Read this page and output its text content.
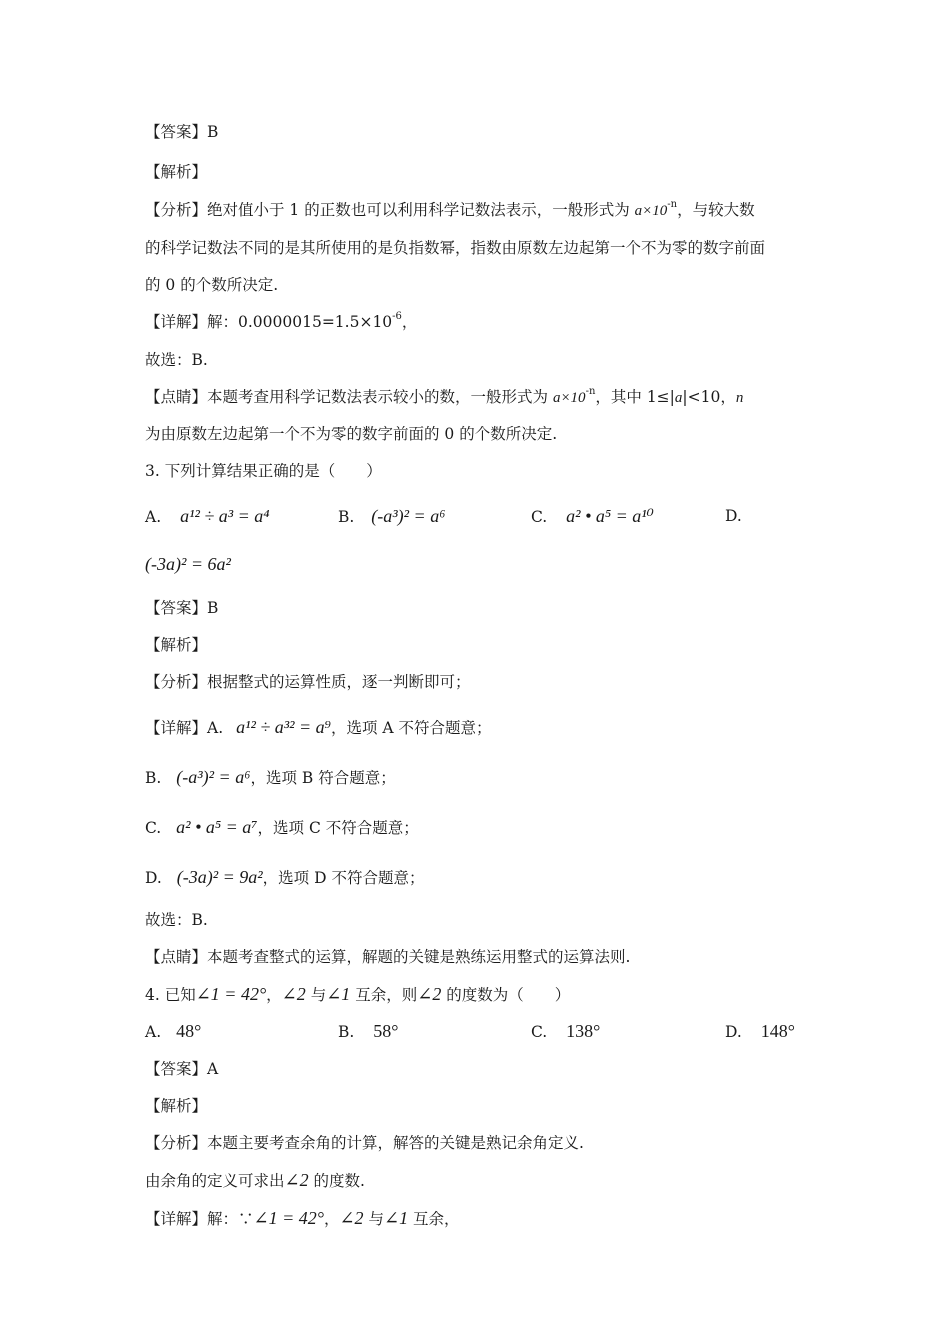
【答案】B
【解析】
【分析】绝对值小于 1 的正数也可以利用科学记数法表示，一般形式为 $a\times 10^{-n}$，与较大数
的科学记数法不同的是其所使用的是负指数幂，指数由原数左边起第一个不为零的数字前面
的 0 的个数所决定.
【详解】解：$0.0000015=1.5\times 10^{-6}$，
故选：B.
【点睛】本题考查用科学记数法表示较小的数，一般形式为 $a\times 10^{-n}$，其中 1≤|a|<10，n
为由原数左边起第一个不为零的数字前面的 0 的个数所决定.
3. 下列计算结果正确的是（　　）
A. a¹² ÷ a³ = a⁴	B. (-a³)² = a⁶	C. a² • a⁵ = a¹⁰	D.
(-3a)² = 6a²
【答案】B
【解析】
【分析】根据整式的运算性质，逐一判断即可；
【详解】A. a¹² ÷ a³² = a⁹，选项 A 不符合题意；
B. (-a³)² = a⁶，选项 B 符合题意；
C. a² • a⁵ = a⁷，选项 C 不符合题意；
D. (-3a)² = 9a²，选项 D 不符合题意；
故选：B.
【点睛】本题考查整式的运算，解题的关键是熟练运用整式的运算法则.
4. 已知∠1 = 42°，∠2 与∠1 互余，则∠2 的度数为（　　）
A. 48°	B. 58°	C. 138°	D. 148°
【答案】A
【解析】
【分析】本题主要考查余角的计算，解答的关键是熟记余角定义.
由余角的定义可求出∠2 的度数.
【详解】解：∵∠1 = 42°，∠2 与∠1 互余，
